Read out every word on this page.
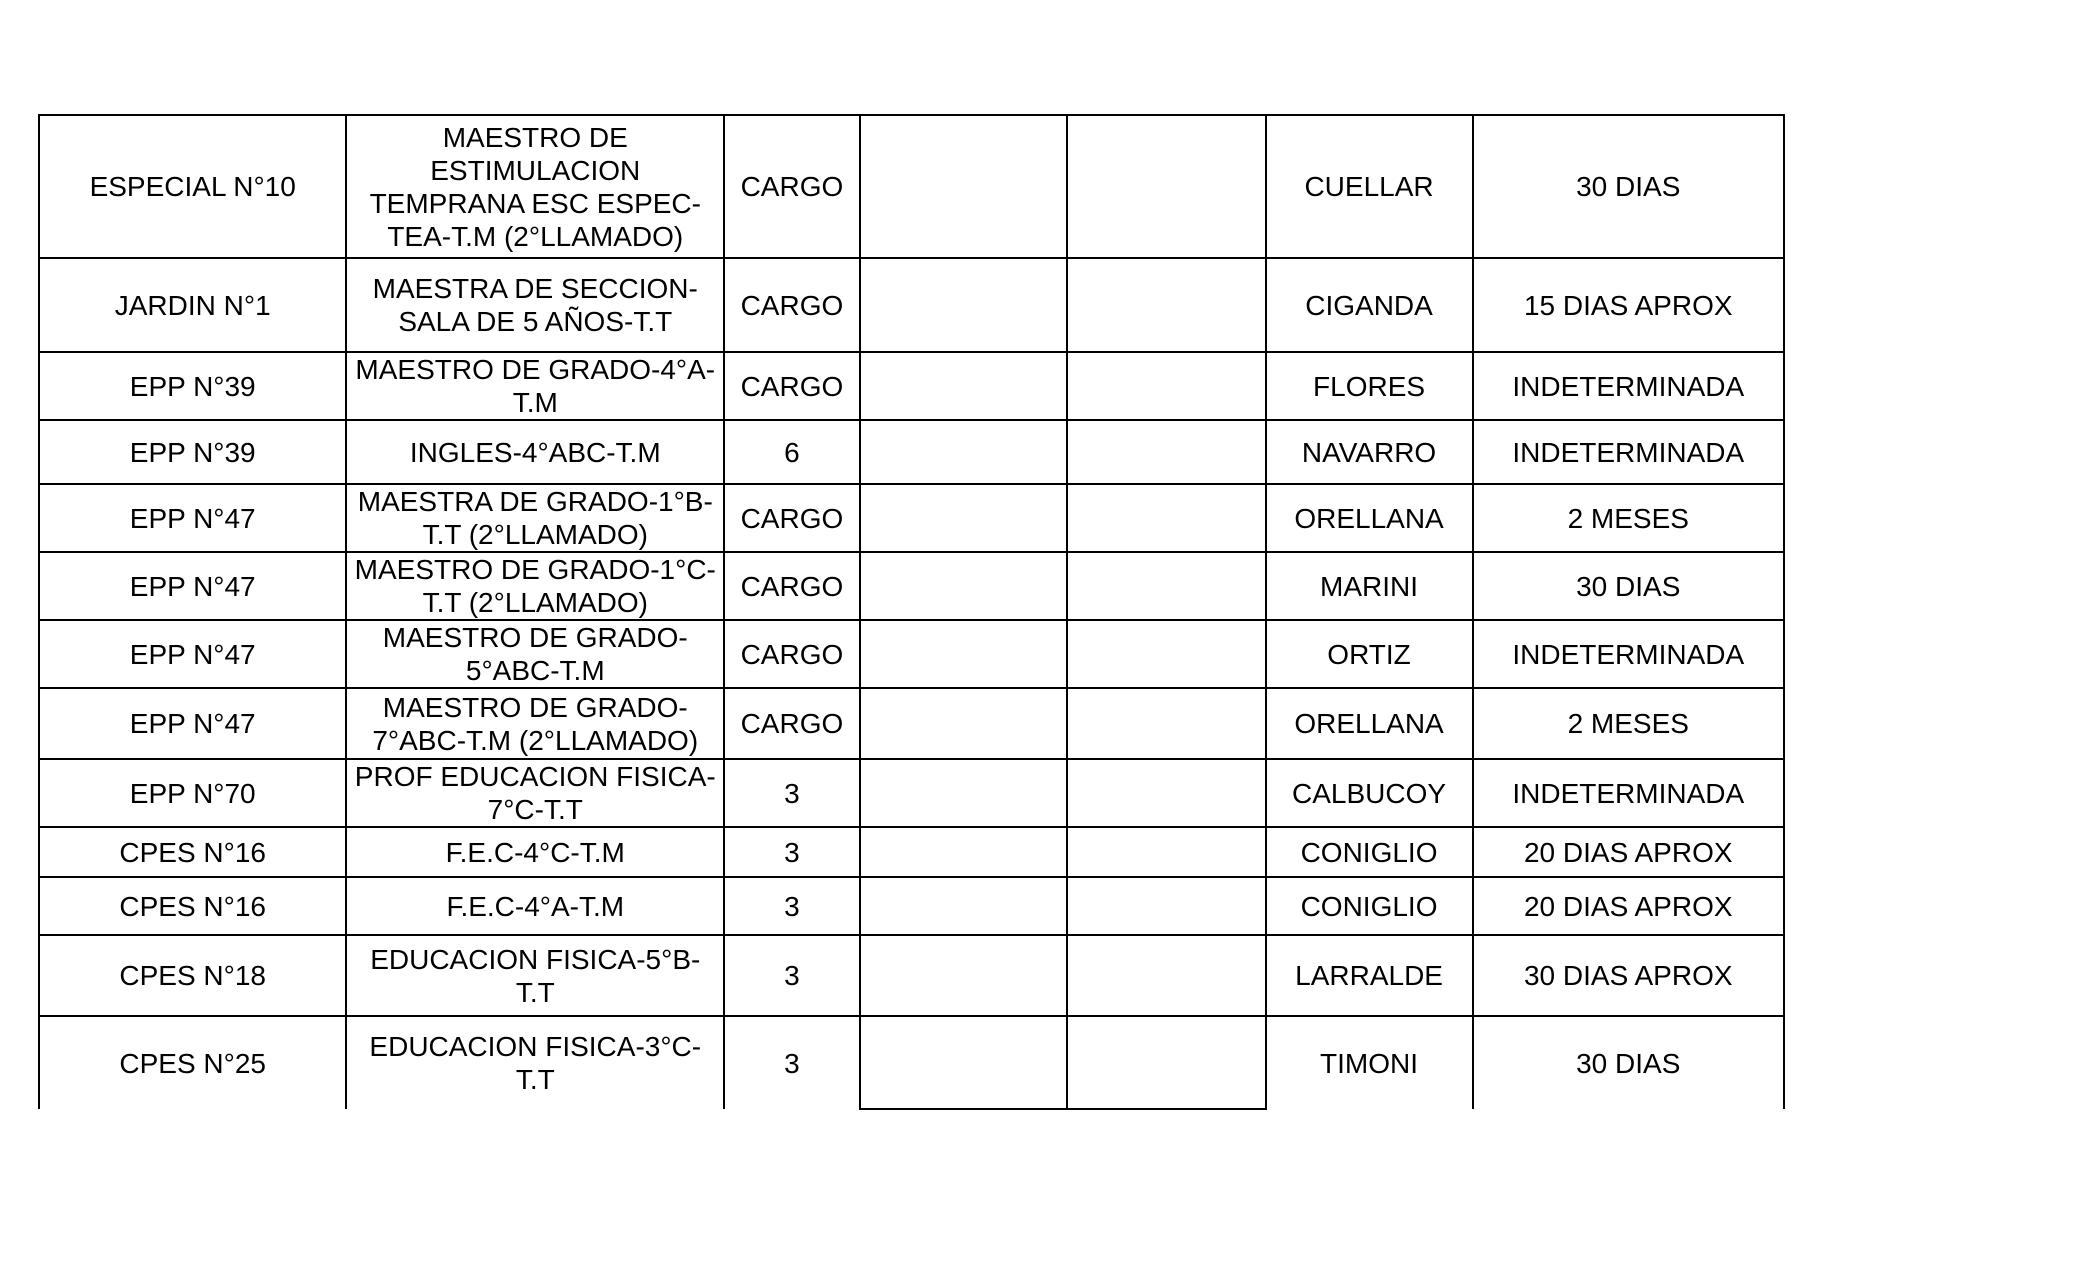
ESPECIAL N°10	MAESTRO DE ESTIMULACION TEMPRANA ESC ESPEC-TEA-T.M (2°LLAMADO)	CARGO			CUELLAR	30 DIAS
JARDIN N°1	MAESTRA DE SECCION-SALA DE 5 AÑOS-T.T	CARGO			CIGANDA	15 DIAS APROX
EPP N°39	MAESTRO DE GRADO-4°A-T.M	CARGO			FLORES	INDETERMINADA
EPP N°39	INGLES-4°ABC-T.M	6			NAVARRO	INDETERMINADA
EPP N°47	MAESTRA DE GRADO-1°B-T.T (2°LLAMADO)	CARGO			ORELLANA	2 MESES
EPP N°47	MAESTRO DE GRADO-1°C-T.T (2°LLAMADO)	CARGO			MARINI	30 DIAS
EPP N°47	MAESTRO DE GRADO-5°ABC-T.M	CARGO			ORTIZ	INDETERMINADA
EPP N°47	MAESTRO DE GRADO-7°ABC-T.M (2°LLAMADO)	CARGO			ORELLANA	2 MESES
EPP N°70	PROF EDUCACION FISICA-7°C-T.T	3			CALBUCOY	INDETERMINADA
CPES N°16	F.E.C-4°C-T.M	3			CONIGLIO	20 DIAS APROX
CPES N°16	F.E.C-4°A-T.M	3			CONIGLIO	20 DIAS APROX
CPES N°18	EDUCACION FISICA-5°B-T.T	3			LARRALDE	30 DIAS APROX
CPES N°25	EDUCACION FISICA-3°C-T.T	3			TIMONI	30 DIAS
